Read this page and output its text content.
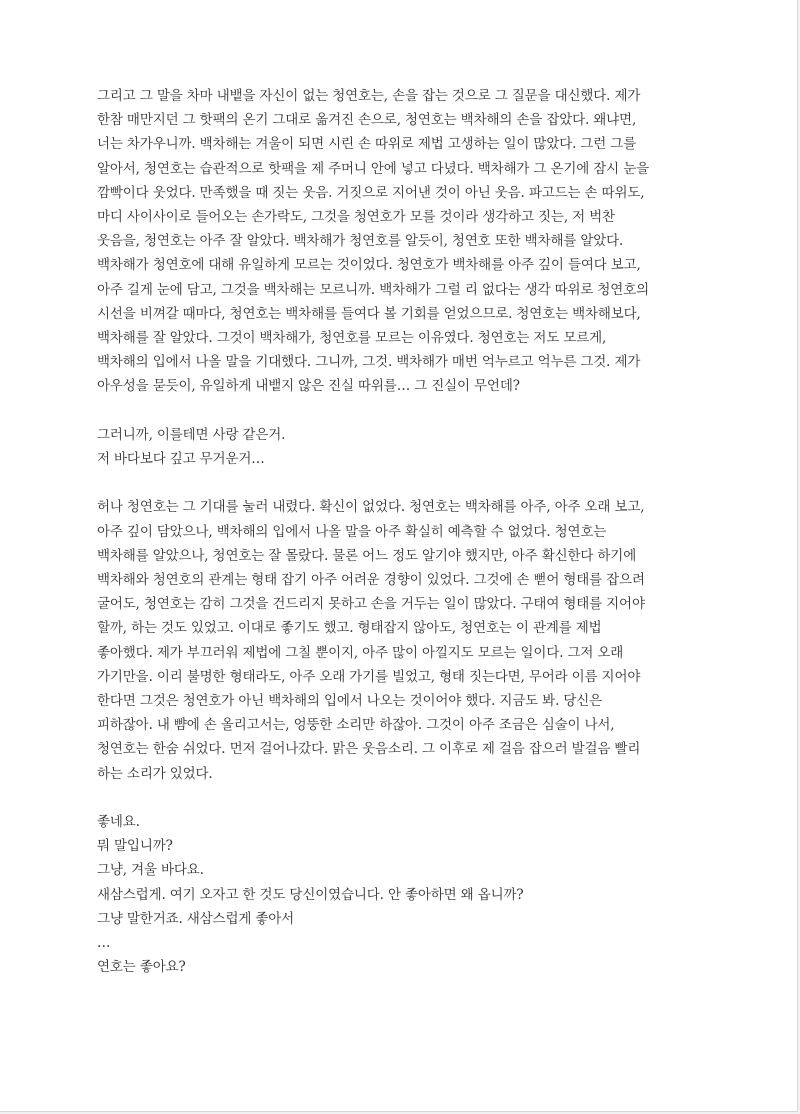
그리고 그 말을 차마 내뱉을 자신이 없는 청연호는, 손을 잡는 것으로 그 질문을 대신했다. 제가
한참 매만지던 그 핫팩의 온기 그대로 옮겨진 손으로, 청연호는 백차해의 손을 잡았다. 왜냐면,
너는 차가우니까. 백차해는 겨울이 되면 시린 손 따위로 제법 고생하는 일이 많았다. 그런 그를
알아서, 청연호는 습관적으로 핫팩을 제 주머니 안에 넣고 다녔다. 백차해가 그 온기에 잠시 눈을
깜빡이다 웃었다. 만족했을 때 짓는 웃음. 거짓으로 지어낸 것이 아닌 웃음. 파고드는 손 따위도,
마디 사이사이로 들어오는 손가락도, 그것을 청연호가 모를 것이라 생각하고 짓는, 저 벅찬
웃음을, 청연호는 아주 잘 알았다. 백차해가 청연호를 알듯이, 청연호 또한 백차해를 알았다.
백차해가 청연호에 대해 유일하게 모르는 것이었다. 청연호가 백차해를 아주 깊이 들여다 보고,
아주 길게 눈에 담고, 그것을 백차해는 모르니까. 백차해가 그럴 리 없다는 생각 따위로 청연호의
시선을 비껴갈 때마다, 청연호는 백차해를 들여다 볼 기회를 얻었으므로. 청연호는 백차해보다,
백차해를 잘 알았다. 그것이 백차해가, 청연호를 모르는 이유였다. 청연호는 저도 모르게,
백차해의 입에서 나올 말을 기대했다. 그니까, 그것. 백차해가 매번 억누르고 억누른 그것. 제가
아우성을 묻듯이, 유일하게 내뱉지 않은 진실 따위를… 그 진실이 무언데?
그러니까, 이를테면 사랑 같은거.
저 바다보다 깊고 무거운거…
허나 청연호는 그 기대를 눌러 내렸다. 확신이 없었다. 청연호는 백차해를 아주, 아주 오래 보고,
아주 깊이 담았으나, 백차해의 입에서 나올 말을 아주 확실히 예측할 수 없었다. 청연호는
백차해를 알았으나, 청연호는 잘 몰랐다. 물론 어느 정도 알기야 했지만, 아주 확신한다 하기에
백차해와 청연호의 관계는 형태 잡기 아주 어려운 경향이 있었다. 그것에 손 뻗어 형태를 잡으려
굴어도, 청연호는 감히 그것을 건드리지 못하고 손을 거두는 일이 많았다. 구태여 형태를 지어야
할까, 하는 것도 있었고. 이대로 좋기도 했고. 형태잡지 않아도, 청연호는 이 관계를 제법
좋아했다. 제가 부끄러워 제법에 그칠 뿐이지, 아주 많이 아낄지도 모르는 일이다. 그저 오래
가기만을. 이리 불명한 형태라도, 아주 오래 가기를 빌었고, 형태 짓는다면, 무어라 이름 지어야
한다면 그것은 청연호가 아닌 백차해의 입에서 나오는 것이어야 했다. 지금도 봐. 당신은
피하잖아. 내 뺨에 손 올리고서는, 엉뚱한 소리만 하잖아. 그것이 아주 조금은 심술이 나서,
청연호는 한숨 쉬었다. 먼저 걸어나갔다. 맑은 웃음소리. 그 이후로 제 걸음 잡으러 발걸음 빨리
하는 소리가 있었다.
좋네요.
뭐 말입니까?
그냥, 겨울 바다요.
새삼스럽게. 여기 오자고 한 것도 당신이였습니다. 안 좋아하면 왜 옵니까?
그냥 말한거죠. 새삼스럽게 좋아서
…
연호는 좋아요?
